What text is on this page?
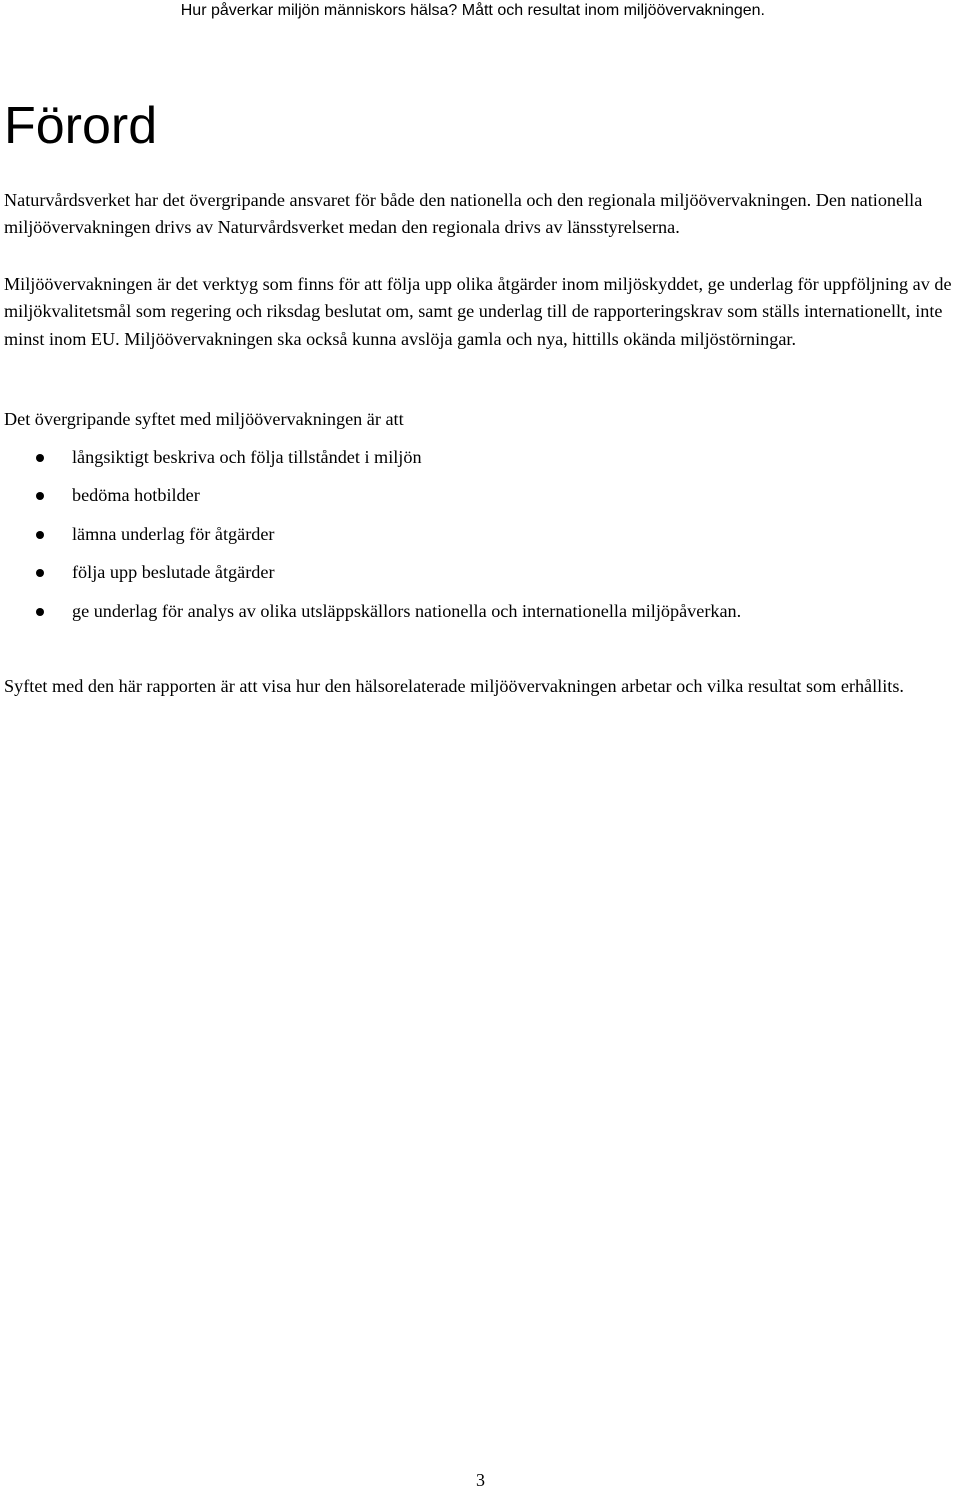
Hur påverkar miljön människors hälsa? Mått och resultat inom miljöövervakningen.
Förord

Naturvårdsverket har det övergripande ansvaret för både den nationella och den regionala miljöövervakningen. Den nationella miljöövervakningen drivs av Naturvårdsverket medan den regionala drivs av länsstyrelserna.

Miljöövervakningen är det verktyg som finns för att följa upp olika åtgärder inom miljöskyddet, ge underlag för uppföljning av de miljökvalitetsmål som regering och riksdag beslutat om, samt ge underlag till de rapporteringskrav som ställs internationellt, inte minst inom EU. Miljöövervakningen ska också kunna avslöja gamla och nya, hittills okända miljöstörningar.

Det övergripande syftet med miljöövervakningen är att

långsiktigt beskriva och följa tillståndet i miljön
bedöma hotbilder
lämna underlag för åtgärder
följa upp beslutade åtgärder
ge underlag för analys av olika utsläppskällors nationella och internationella miljöpåverkan.

Syftet med den här rapporten är att visa hur den hälsorelaterade miljöövervakningen arbetar och vilka resultat som erhållits.

3
